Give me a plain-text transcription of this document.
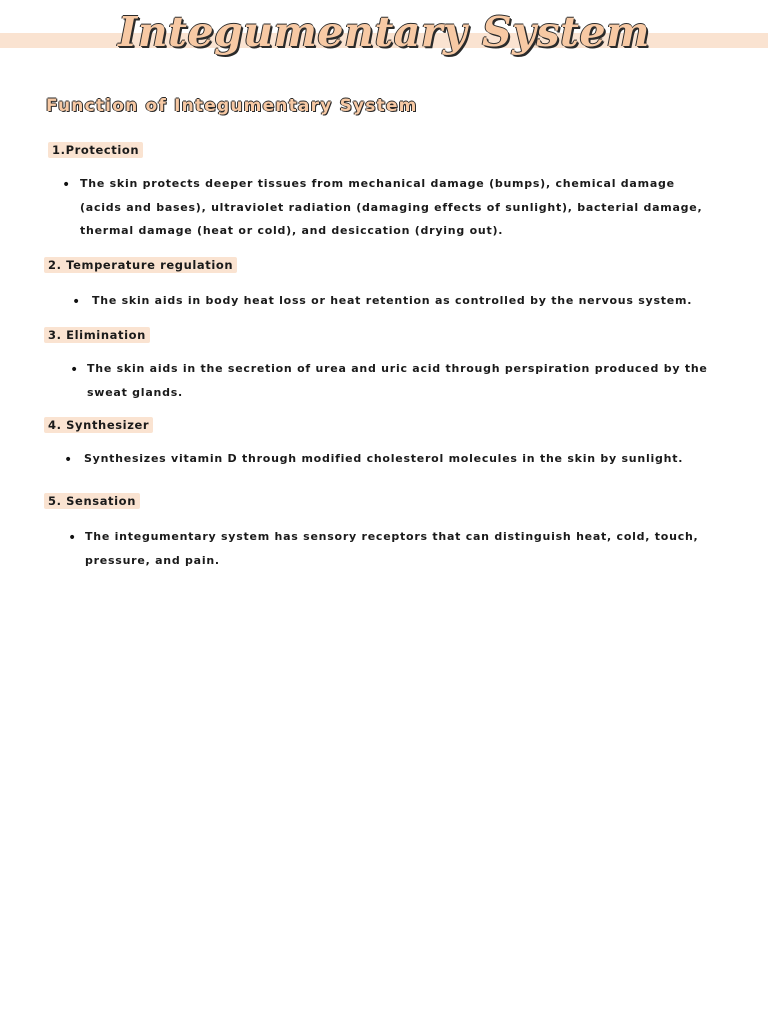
Integumentary System
Function of Integumentary System
1.Protection
• The skin protects deeper tissues from mechanical damage (bumps), chemical damage (acids and bases), ultraviolet radiation (damaging effects of sunlight), bacterial damage, thermal damage (heat or cold), and desiccation (drying out).

2. Temperature regulation
• The skin aids in body heat loss or heat retention as controlled by the nervous system.

3. Elimination
• The skin aids in the secretion of urea and uric acid through perspiration produced by the sweat glands.

4. Synthesizer
• Synthesizes vitamin D through modified cholesterol molecules in the skin by sunlight.

5. Sensation
• The integumentary system has sensory receptors that can distinguish heat, cold, touch, pressure, and pain.
